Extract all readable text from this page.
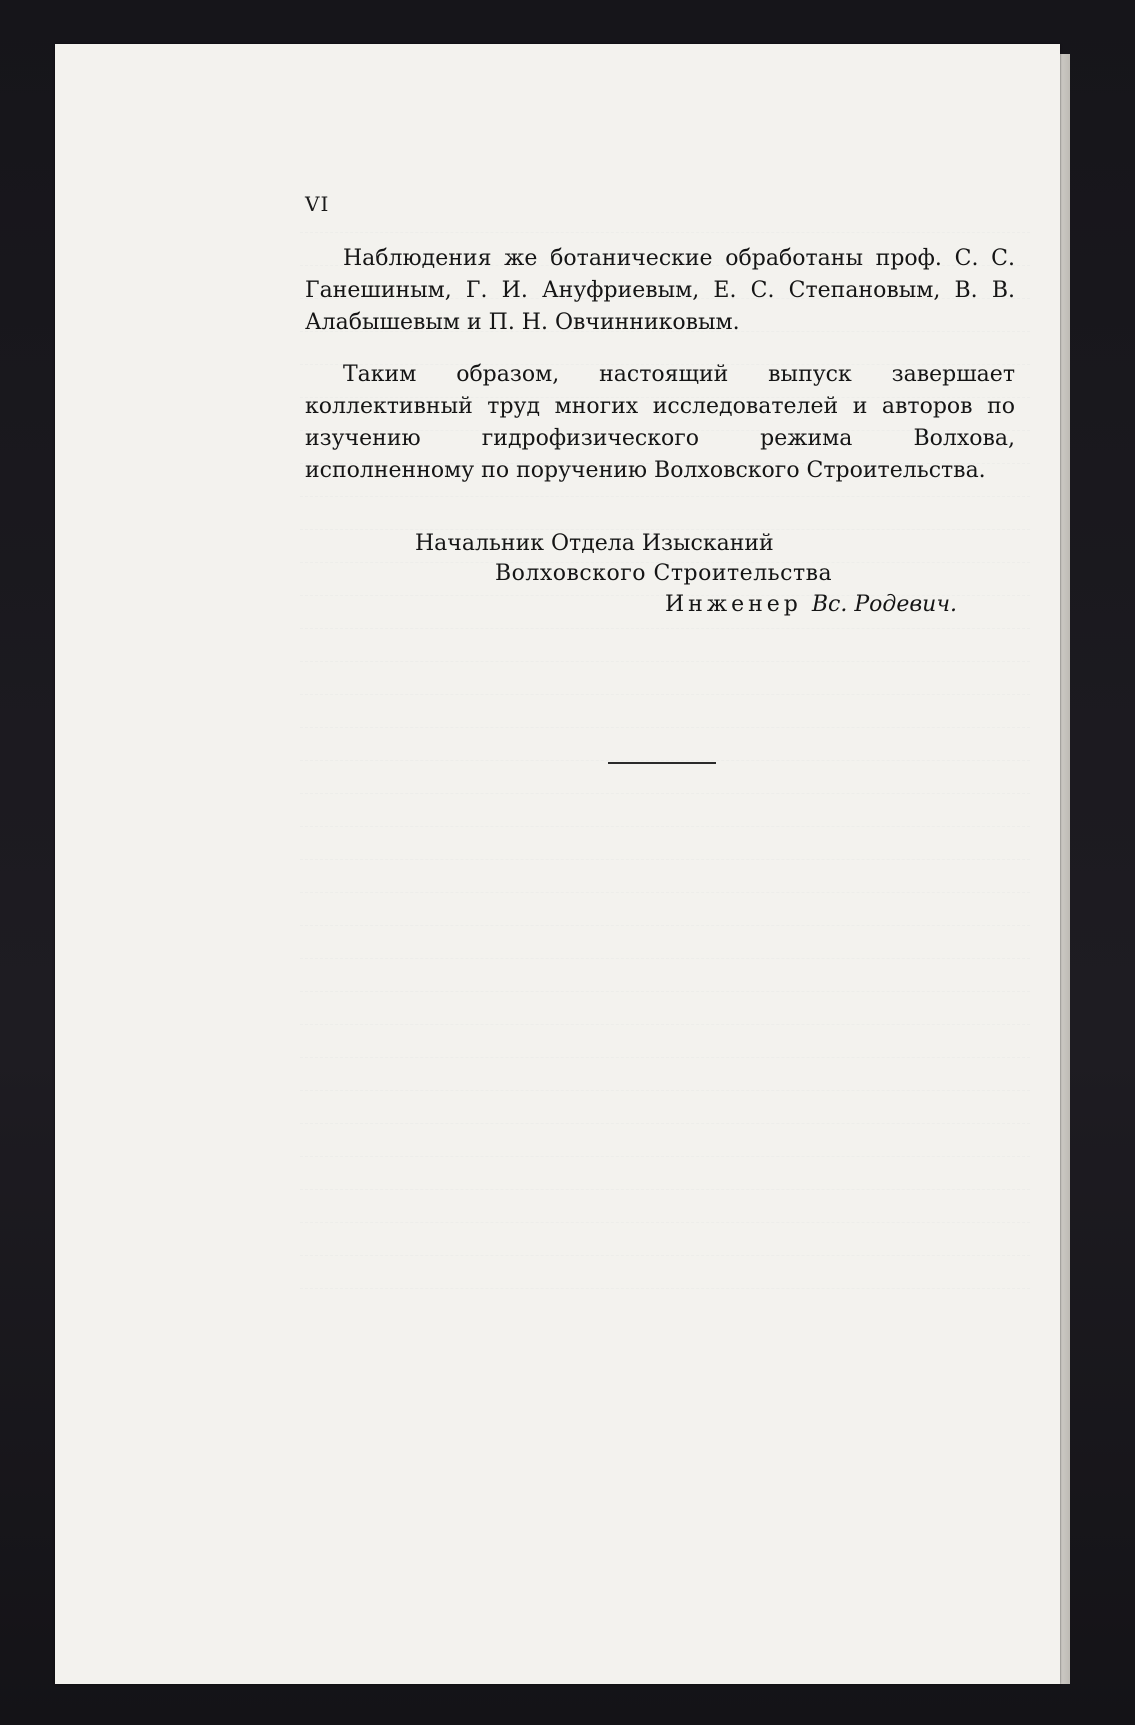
VI

Наблюдения же ботанические обработаны проф. С. С. Ганешиным, Г. И. Ануфриевым, Е. С. Степановым, В. В. Алабышевым и П. Н. Овчинниковым.

Таким образом, настоящий выпуск завершает коллективный труд многих исследователей и авторов по изучению гидрофизического режима Волхова, исполненному по поручению Волховского Строительства.

Начальник Отдела Изысканий
Волховского Строительства
Инженер Вс. Родевич.
